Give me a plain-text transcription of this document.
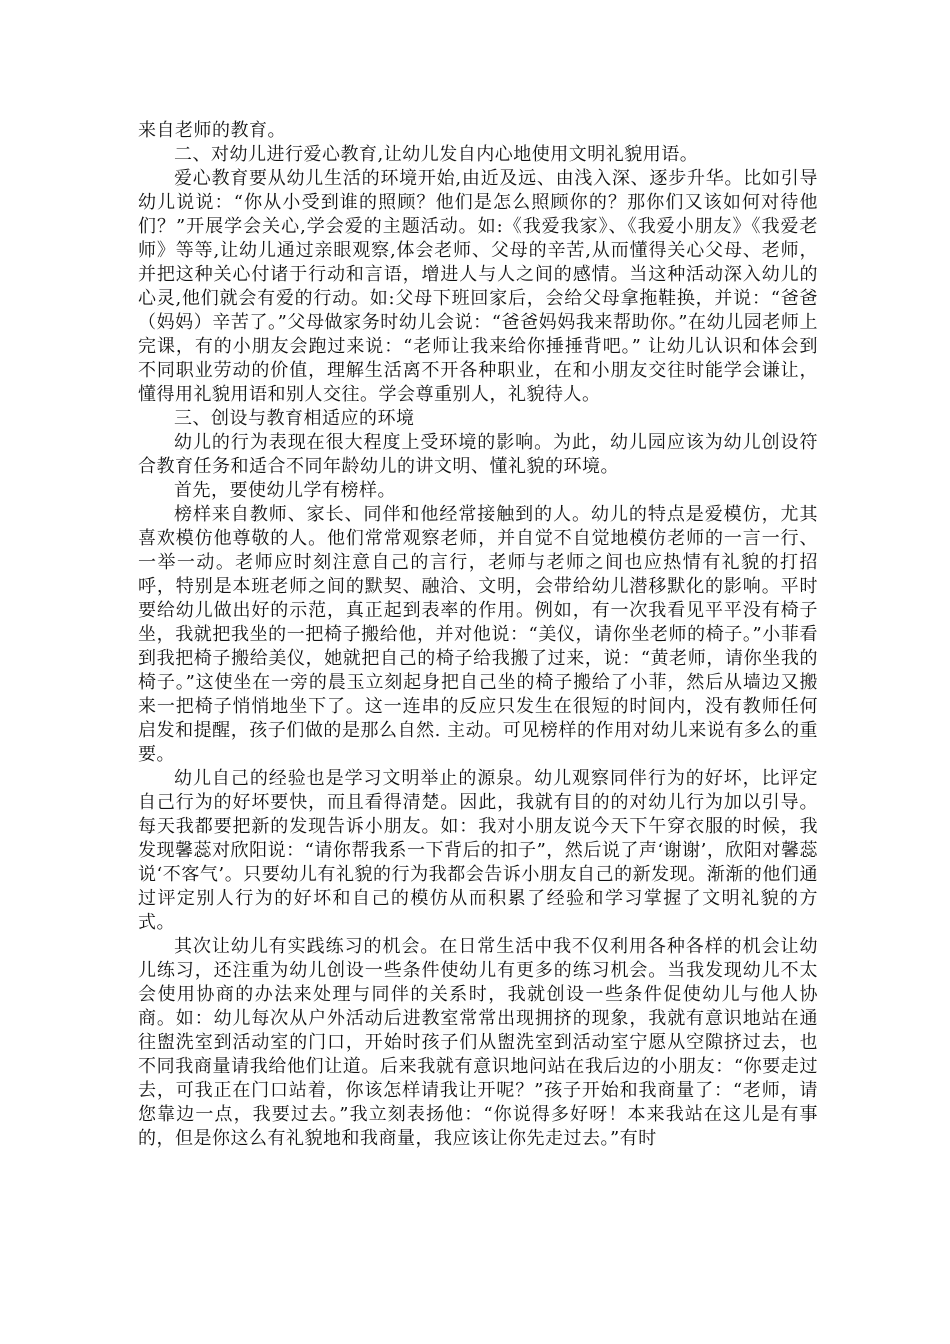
来自老师的教育。

二、对幼儿进行爱心教育,让幼儿发自内心地使用文明礼貌用语。

爱心教育要从幼儿生活的环境开始,由近及远、由浅入深、逐步升华。比如引导幼儿说说：“你从小受到谁的照顾？他们是怎么照顾你的？那你们又该如何对待他们？”开展学会关心,学会爱的主题活动。如:《我爱我家》、《我爱小朋友》《我爱老师》等等,让幼儿通过亲眼观察,体会老师、父母的辛苦,从而懂得关心父母、老师，并把这种关心付诸于行动和言语，增进人与人之间的感情。当这种活动深入幼儿的心灵,他们就会有爱的行动。如:父母下班回家后，会给父母拿拖鞋换，并说：“爸爸（妈妈）辛苦了。”父母做家务时幼儿会说：“爸爸妈妈我来帮助你。”在幼儿园老师上完课，有的小朋友会跑过来说：“老师让我来给你捶捶背吧。” 让幼儿认识和体会到不同职业劳动的价值，理解生活离不开各种职业，在和小朋友交往时能学会谦让，懂得用礼貌用语和别人交往。学会尊重别人，礼貌待人。

三、创设与教育相适应的环境

幼儿的行为表现在很大程度上受环境的影响。为此，幼儿园应该为幼儿创设符合教育任务和适合不同年龄幼儿的讲文明、懂礼貌的环境。

首先，要使幼儿学有榜样。

榜样来自教师、家长、同伴和他经常接触到的人。幼儿的特点是爱模仿，尤其喜欢模仿他尊敬的人。他们常常观察老师，并自觉不自觉地模仿老师的一言一行、一举一动。老师应时刻注意自己的言行，老师与老师之间也应热情有礼貌的打招呼，特别是本班老师之间的默契、融洽、文明，会带给幼儿潜移默化的影响。平时要给幼儿做出好的示范，真正起到表率的作用。例如，有一次我看见平平没有椅子坐，我就把我坐的一把椅子搬给他，并对他说：“美仪，请你坐老师的椅子。”小菲看到我把椅子搬给美仪，她就把自己的椅子给我搬了过来，说：“黄老师，请你坐我的椅子。”这使坐在一旁的晨玉立刻起身把自己坐的椅子搬给了小菲，然后从墙边又搬来一把椅子悄悄地坐下了。这一连串的反应只发生在很短的时间内，没有教师任何启发和提醒，孩子们做的是那么自然. 主动。可见榜样的作用对幼儿来说有多么的重要。

幼儿自己的经验也是学习文明举止的源泉。幼儿观察同伴行为的好坏，比评定自己行为的好坏要快，而且看得清楚。因此，我就有目的的对幼儿行为加以引导。每天我都要把新的发现告诉小朋友。如：我对小朋友说今天下午穿衣服的时候，我发现馨蕊对欣阳说：“请你帮我系一下背后的扣子”，然后说了声‘谢谢’，欣阳对馨蕊说‘不客气’。只要幼儿有礼貌的行为我都会告诉小朋友自己的新发现。渐渐的他们通过评定别人行为的好坏和自己的模仿从而积累了经验和学习掌握了文明礼貌的方式。

其次让幼儿有实践练习的机会。在日常生活中我不仅利用各种各样的机会让幼儿练习，还注重为幼儿创设一些条件使幼儿有更多的练习机会。当我发现幼儿不太会使用协商的办法来处理与同伴的关系时，我就创设一些条件促使幼儿与他人协商。如：幼儿每次从户外活动后进教室常常出现拥挤的现象，我就有意识地站在通往盥洗室到活动室的门口，开始时孩子们从盥洗室到活动室宁愿从空隙挤过去，也不同我商量请我给他们让道。后来我就有意识地问站在我后边的小朋友：“你要走过去，可我正在门口站着，你该怎样请我让开呢？”孩子开始和我商量了：“老师，请您靠边一点，我要过去。”我立刻表扬他：“你说得多好呀！本来我站在这儿是有事的，但是你这么有礼貌地和我商量，我应该让你先走过去。”有时
